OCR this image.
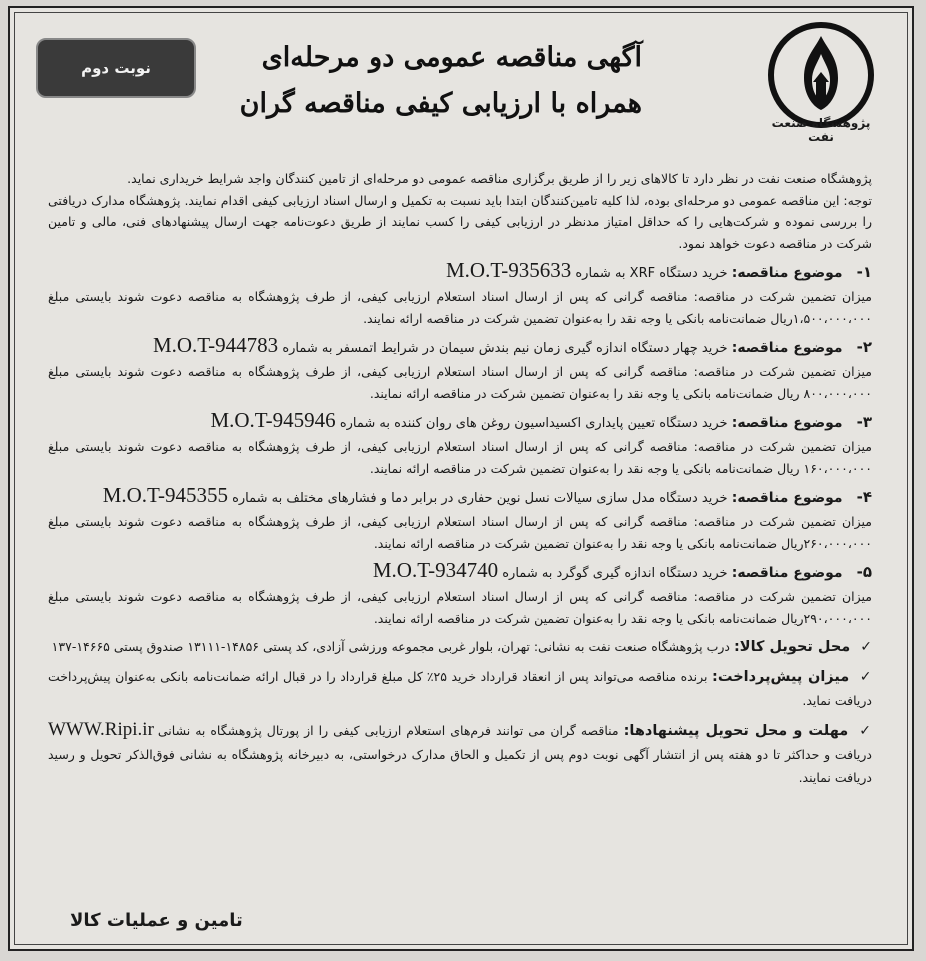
نوبت دوم	آگهی مناقصه عمومی دو مرحله‌ای
همراه با ارزیابی کیفی مناقصه گران
پژوهشگاه صنعت نفت

پژوهشگاه صنعت نفت در نظر دارد تا کالاهای زیر را از طریق برگزاری مناقصه عمومی دو مرحله‌ای از تامین کنندگان واجد شرایط خریداری نماید.

توجه: این مناقصه عمومی دو مرحله‌ای بوده، لذا کلیه تامین‌کنندگان ابتدا باید نسبت به تکمیل و ارسال اسناد ارزیابی کیفی اقدام نمایند. پژوهشگاه مدارک دریافتی را بررسی نموده و شرکت‌هایی را که حداقل امتیاز مدنظر در ارزیابی کیفی را کسب نمایند از طریق دعوت‌نامه جهت ارسال پیشنهادهای فنی، مالی و تامین شرکت در مناقصه دعوت خواهد نمود.

۱-موضوع مناقصه: خرید دستگاه XRF به شماره M.O.T-935633

میزان تضمین شرکت در مناقصه: مناقصه گرانی که پس از ارسال اسناد استعلام ارزیابی کیفی، از طرف پژوهشگاه به مناقصه دعوت شوند بایستی مبلغ ۱،۵۰۰،۰۰۰،۰۰۰ریال ضمانت‌نامه بانکی یا وجه نقد را به‌عنوان تضمین شرکت در مناقصه ارائه نمایند.

۲-موضوع مناقصه: خرید چهار دستگاه اندازه گیری زمان نیم بندش سیمان در شرایط اتمسفر به شماره M.O.T-944783

میزان تضمین شرکت در مناقصه: مناقصه گرانی که پس از ارسال اسناد استعلام ارزیابی کیفی، از طرف پژوهشگاه به مناقصه دعوت شوند بایستی مبلغ ۸۰۰،۰۰۰،۰۰۰ ریال ضمانت‌نامه بانکی یا وجه نقد را به‌عنوان تضمین شرکت در مناقصه ارائه نمایند.

۳-موضوع مناقصه: خرید دستگاه تعیین پایداری اکسیداسیون روغن های روان کننده به شماره M.O.T-945946

میزان تضمین شرکت در مناقصه: مناقصه گرانی که پس از ارسال اسناد استعلام ارزیابی کیفی، از طرف پژوهشگاه به مناقصه دعوت شوند بایستی مبلغ ۱۶۰،۰۰۰،۰۰۰ ریال ضمانت‌نامه بانکی یا وجه نقد را به‌عنوان تضمین شرکت در مناقصه ارائه نمایند.

۴-موضوع مناقصه: خرید دستگاه مدل سازی سیالات نسل نوین حفاری در برابر دما و فشارهای مختلف به شماره M.O.T-945355

میزان تضمین شرکت در مناقصه: مناقصه گرانی که پس از ارسال اسناد استعلام ارزیابی کیفی، از طرف پژوهشگاه به مناقصه دعوت شوند بایستی مبلغ ۲۶۰،۰۰۰،۰۰۰ریال ضمانت‌نامه بانکی یا وجه نقد را به‌عنوان تضمین شرکت در مناقصه ارائه نمایند.

۵-موضوع مناقصه: خرید دستگاه اندازه گیری گوگرد به شماره M.O.T-934740

میزان تضمین شرکت در مناقصه: مناقصه گرانی که پس از ارسال اسناد استعلام ارزیابی کیفی، از طرف پژوهشگاه به مناقصه دعوت شوند بایستی مبلغ ۲۹۰،۰۰۰،۰۰۰ریال ضمانت‌نامه بانکی یا وجه نقد را به‌عنوان تضمین شرکت در مناقصه ارائه نمایند.

✓ محل تحویل کالا: درب پژوهشگاه صنعت نفت به نشانی: تهران، بلوار غربی مجموعه ورزشی آزادی، کد پستی ۱۴۸۵۶-۱۳۱۱۱ صندوق پستی ۱۴۶۶۵-۱۳۷
✓ میزان پیش‌پرداخت: برنده مناقصه می‌تواند پس از انعقاد قرارداد خرید ۲۵٪ کل مبلغ قرارداد را در قبال ارائه ضمانت‌نامه بانکی به‌عنوان پیش‌پرداخت دریافت نماید.
✓ مهلت و محل تحویل پیشنهادها: مناقصه گران می توانند فرم‌های استعلام ارزیابی کیفی را از پورتال پژوهشگاه به نشانی WWW.Ripi.ir دریافت و حداکثر تا دو هفته پس از انتشار آگهی نوبت دوم پس از تکمیل و الحاق مدارک درخواستی، به دبیرخانه پژوهشگاه به نشانی فوق‌الذکر تحویل و رسید دریافت نمایند.
تامین و عملیات کالا
